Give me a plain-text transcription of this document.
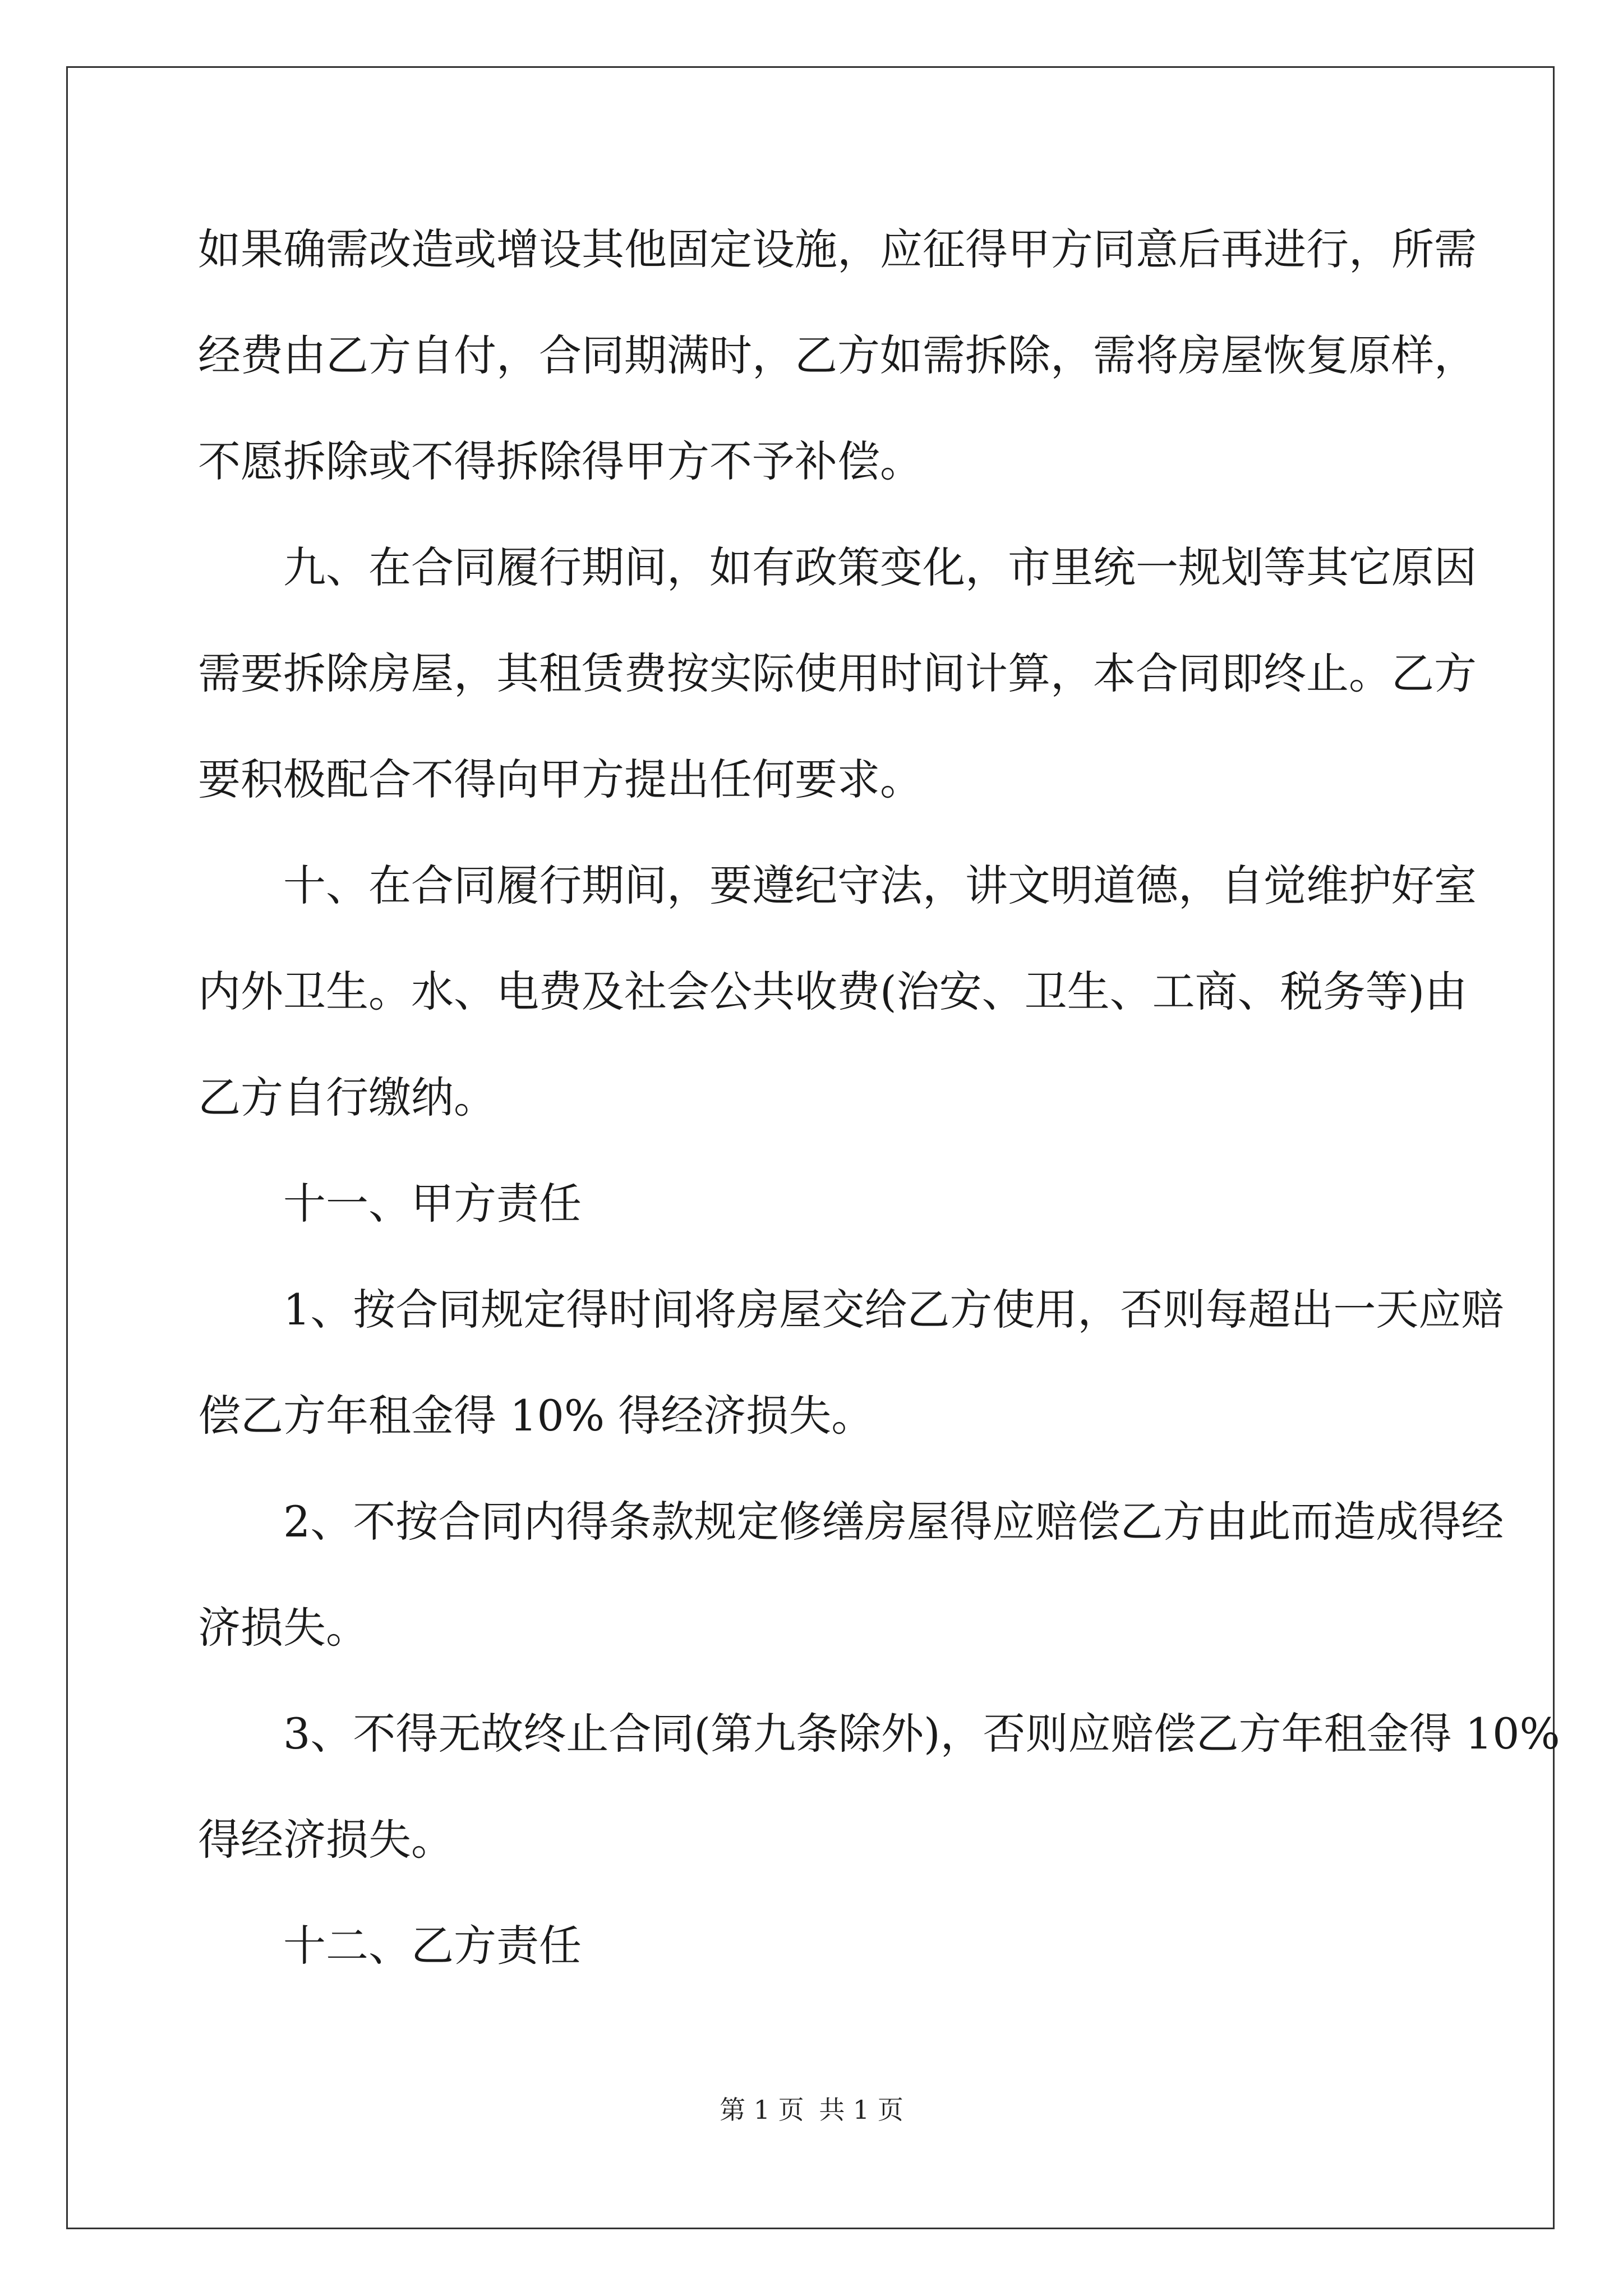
如果确需改造或增设其他固定设施，应征得甲方同意后再进行，所需
经费由乙方自付，合同期满时，乙方如需拆除，需将房屋恢复原样，
不愿拆除或不得拆除得甲方不予补偿。
九、在合同履行期间，如有政策变化，市里统一规划等其它原因
需要拆除房屋，其租赁费按实际使用时间计算，本合同即终止。乙方
要积极配合不得向甲方提出任何要求。
十、在合同履行期间，要遵纪守法，讲文明道德，自觉维护好室
内外卫生。水、电费及社会公共收费(治安、卫生、工商、税务等)由
乙方自行缴纳。
十一、甲方责任
1、按合同规定得时间将房屋交给乙方使用，否则每超出一天应赔
偿乙方年租金得 10% 得经济损失。
2、不按合同内得条款规定修缮房屋得应赔偿乙方由此而造成得经
济损失。
3、不得无故终止合同(第九条除外)，否则应赔偿乙方年租金得 10%
得经济损失。
十二、乙方责任
第 1 页 共 1 页
